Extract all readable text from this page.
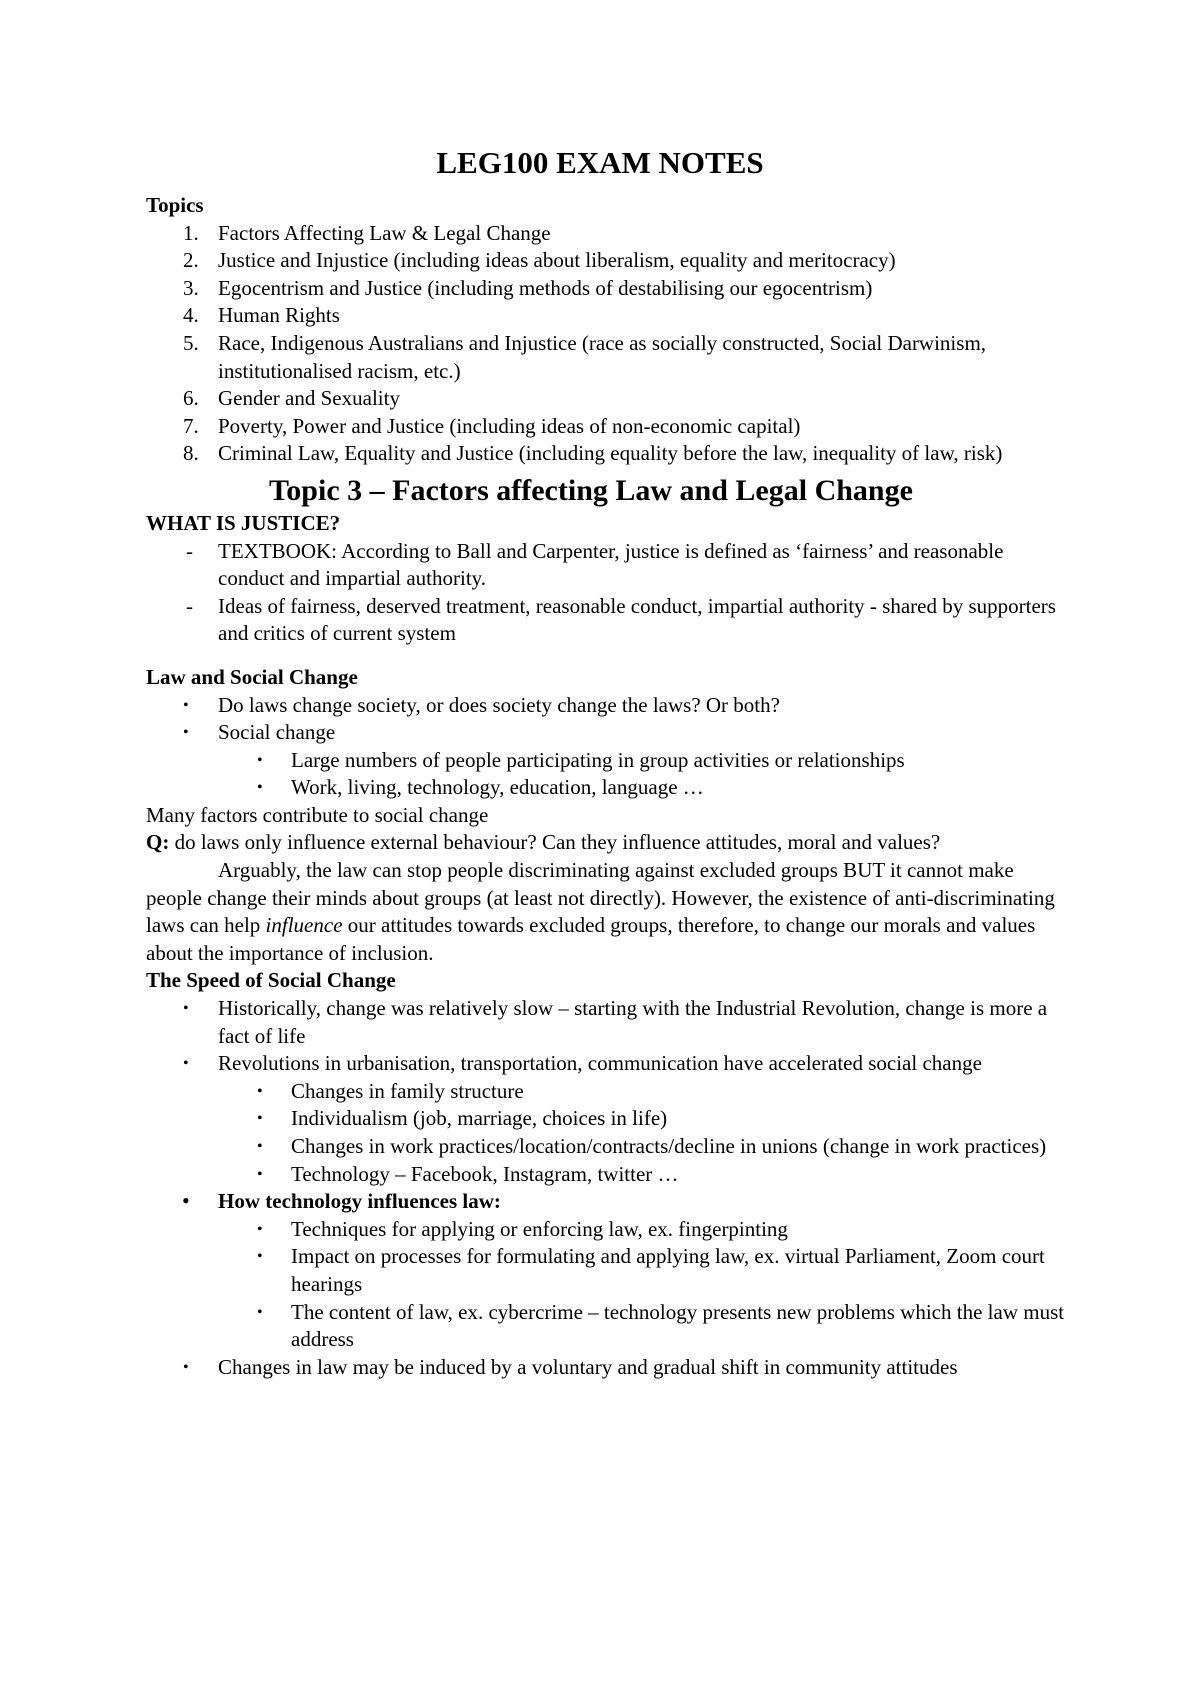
LEG100 EXAM NOTES

Topics

1. Factors Affecting Law & Legal Change
2. Justice and Injustice (including ideas about liberalism, equality and meritocracy)
3. Egocentrism and Justice (including methods of destabilising our egocentrism)
4. Human Rights
5. Race, Indigenous Australians and Injustice (race as socially constructed, Social Darwinism, institutionalised racism, etc.)
6. Gender and Sexuality
7. Poverty, Power and Justice (including ideas of non-economic capital)
8. Criminal Law, Equality and Justice (including equality before the law, inequality of law, risk)
Topic 3 – Factors affecting Law and Legal Change

WHAT IS JUSTICE?

- TEXTBOOK: According to Ball and Carpenter, justice is defined as ‘fairness’ and reasonable conduct and impartial authority.
- Ideas of fairness, deserved treatment, reasonable conduct, impartial authority - shared by supporters and critics of current system

Law and Social Change

• Do laws change society, or does society change the laws? Or both?
• Social change
• Large numbers of people participating in group activities or relationships
• Work, living, technology, education, language …

Many factors contribute to social change

Q: do laws only influence external behaviour? Can they influence attitudes, moral and values?

Arguably, the law can stop people discriminating against excluded groups BUT it cannot make people change their minds about groups (at least not directly). However, the existence of anti-discriminating laws can help influence our attitudes towards excluded groups, therefore, to change our morals and values about the importance of inclusion.

The Speed of Social Change

• Historically, change was relatively slow – starting with the Industrial Revolution, change is more a fact of life
• Revolutions in urbanisation, transportation, communication have accelerated social change
• Changes in family structure
• Individualism (job, marriage, choices in life)
• Changes in work practices/location/contracts/decline in unions (change in work practices)
• Technology – Facebook, Instagram, twitter …
• How technology influences law:
• Techniques for applying or enforcing law, ex. fingerpinting
• Impact on processes for formulating and applying law, ex. virtual Parliament, Zoom court hearings
• The content of law, ex. cybercrime – technology presents new problems which the law must address
• Changes in law may be induced by a voluntary and gradual shift in community attitudes
